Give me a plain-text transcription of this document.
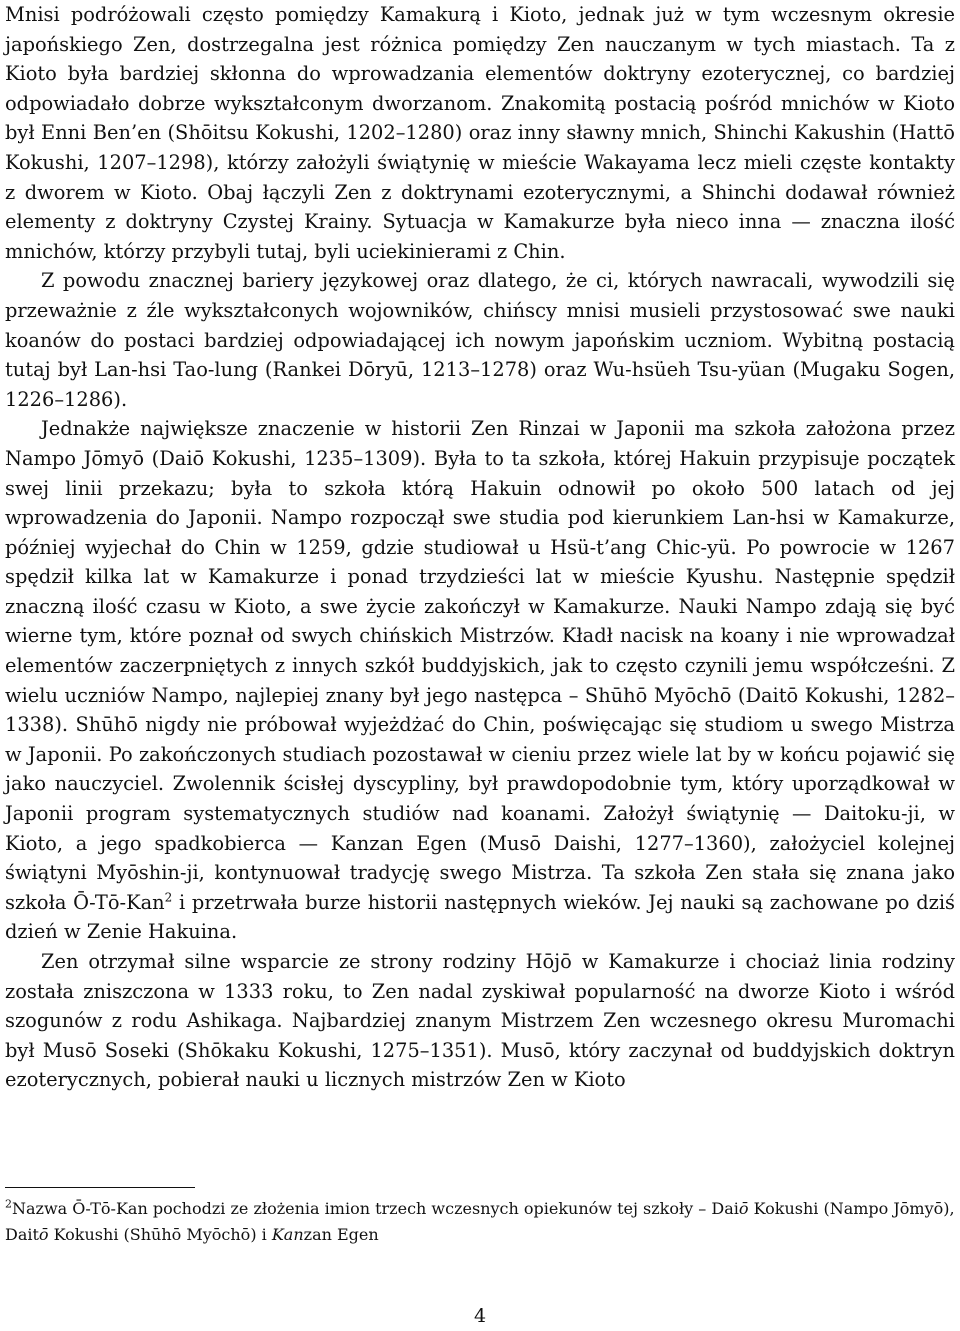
Mnisi podróżowali często pomiędzy Kamakurą i Kioto, jednak już w tym wczesnym okresie japońskiego Zen, dostrzegalna jest różnica pomiędzy Zen nauczanym w tych miastach. Ta z Kioto była bardziej skłonna do wprowadzania elementów doktryny ezoterycznej, co bardziej odpowiadało dobrze wykształconym dworzanom. Znakomitą postacią pośród mnichów w Kioto był Enni Ben’en (Shōitsu Kokushi, 1202–1280) oraz inny sławny mnich, Shinchi Kakushin (Hattō Kokushi, 1207–1298), którzy założyli świątynię w mieście Wakayama lecz mieli częste kontakty z dworem w Kioto. Obaj łączyli Zen z doktrynami ezoterycznymi, a Shinchi dodawał również elementy z doktryny Czystej Krainy. Sytuacja w Kamakurze była nieco inna — znaczna ilość mnichów, którzy przybyli tutaj, byli uciekinierami z Chin.

Z powodu znacznej bariery językowej oraz dlatego, że ci, których nawracali, wywodzili się przeważnie z źle wykształconych wojowników, chińscy mnisi musieli przystosować swe nauki koanów do postaci bardziej odpowiadającej ich nowym japońskim uczniom. Wybitną postacią tutaj był Lan-hsi Tao-lung (Rankei Dōryū, 1213–1278) oraz Wu-hsüeh Tsu-yüan (Mugaku Sogen, 1226–1286).

Jednakże największe znaczenie w historii Zen Rinzai w Japonii ma szkoła założona przez Nampo Jōmyō (Daiō Kokushi, 1235–1309). Była to ta szkoła, której Hakuin przypisuje początek swej linii przekazu; była to szkoła którą Hakuin odnowił po około 500 latach od jej wprowadzenia do Japonii. Nampo rozpoczął swe studia pod kierunkiem Lan-hsi w Kamakurze, później wyjechał do Chin w 1259, gdzie studiował u Hsü-t’ang Chic-yü. Po powrocie w 1267 spędził kilka lat w Kamakurze i ponad trzydzieści lat w mieście Kyushu. Następnie spędził znaczną ilość czasu w Kioto, a swe życie zakończył w Kamakurze. Nauki Nampo zdają się być wierne tym, które poznał od swych chińskich Mistrzów. Kładł nacisk na koany i nie wprowadzał elementów zaczerpniętych z innych szkół buddyjskich, jak to często czynili jemu współcześni. Z wielu uczniów Nampo, najlepiej znany był jego następca – Shūhō Myōchō (Daitō Kokushi, 1282–1338). Shūhō nigdy nie próbował wyjeżdżać do Chin, poświęcając się studiom u swego Mistrza w Japonii. Po zakończonych studiach pozostawał w cieniu przez wiele lat by w końcu pojawić się jako nauczyciel. Zwolennik ścisłej dyscypliny, był prawdopodobnie tym, który uporządkował w Japonii program systematycznych studiów nad koanami. Założył świątynię — Daitoku-ji, w Kioto, a jego spadkobierca — Kanzan Egen (Musō Daishi, 1277–1360), założyciel kolejnej świątyni Myōshin-ji, kontynuował tradycję swego Mistrza. Ta szkoła Zen stała się znana jako szkoła Ō-Tō-Kan$^2$ i przetrwała burze historii następnych wieków. Jej nauki są zachowane po dziś dzień w Zenie Hakuina.

Zen otrzymał silne wsparcie ze strony rodziny Hōjō w Kamakurze i chociaż linia rodziny została zniszczona w 1333 roku, to Zen nadal zyskiwał popularność na dworze Kioto i wśród szogunów z rodu Ashikaga. Najbardziej znanym Mistrzem Zen wczesnego okresu Muromachi był Musō Soseki (Shōkaku Kokushi, 1275–1351). Musō, który zaczynał od buddyjskich doktryn ezoterycznych, pobierał nauki u licznych mistrzów Zen w Kioto

$^2$Nazwa Ō-Tō-Kan pochodzi ze złożenia imion trzech wczesnych opiekunów tej szkoły – Daiō Kokushi (Nampo Jōmyō), Daitō Kokushi (Shūhō Myōchō) i Kanzan Egen
4
